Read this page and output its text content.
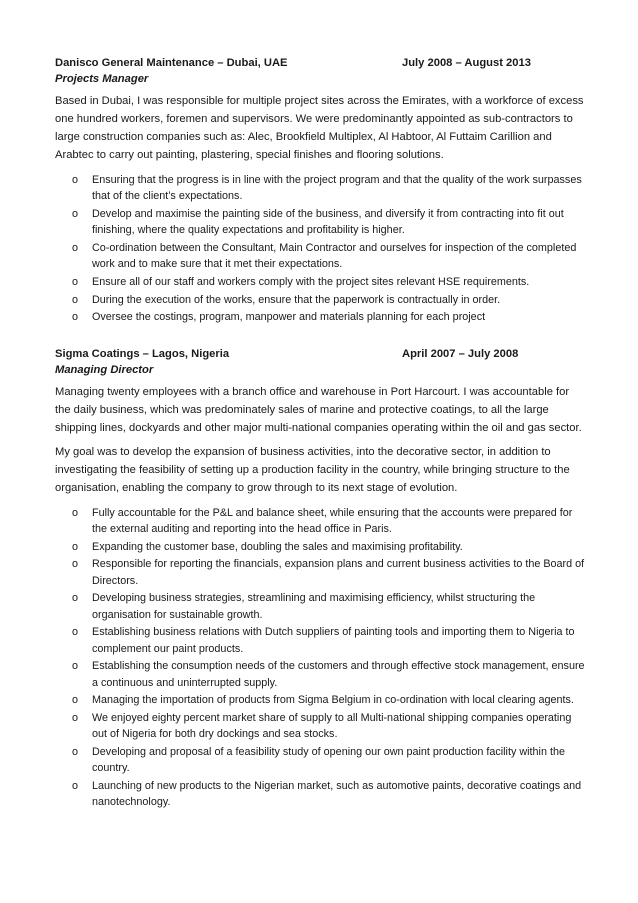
Danisco General Maintenance – Dubai, UAE	July 2008 – August 2013
Projects Manager

Based in Dubai, I was responsible for multiple project sites across the Emirates, with a workforce of excess one hundred workers, foremen and supervisors. We were predominantly appointed as sub-contractors to large construction companies such as: Alec, Brookfield Multiplex, Al Habtoor, Al Futtaim Carillion and Arabtec to carry out painting, plastering, special finishes and flooring solutions.

o Ensuring that the progress is in line with the project program and that the quality of the work surpasses that of the client’s expectations.
o Develop and maximise the painting side of the business, and diversify it from contracting into fit out finishing, where the quality expectations and profitability is higher.
o Co-ordination between the Consultant, Main Contractor and ourselves for inspection of the completed work and to make sure that it met their expectations.
o Ensure all of our staff and workers comply with the project sites relevant HSE requirements.
o During the execution of the works, ensure that the paperwork is contractually in order.
o Oversee the costings, program, manpower and materials planning for each project
Sigma Coatings – Lagos, Nigeria	April 2007 – July 2008
Managing Director

Managing twenty employees with a branch office and warehouse in Port Harcourt. I was accountable for the daily business, which was predominately sales of marine and protective coatings, to all the large shipping lines, dockyards and other major multi-national companies operating within the oil and gas sector.

My goal was to develop the expansion of business activities, into the decorative sector, in addition to investigating the feasibility of setting up a production facility in the country, while bringing structure to the organisation, enabling the company to grow through to its next stage of evolution.

o Fully accountable for the P&L and balance sheet, while ensuring that the accounts were prepared for the external auditing and reporting into the head office in Paris.
o Expanding the customer base, doubling the sales and maximising profitability.
o Responsible for reporting the financials, expansion plans and current business activities to the Board of Directors.
o Developing business strategies, streamlining and maximising efficiency, whilst structuring the organisation for sustainable growth.
o Establishing business relations with Dutch suppliers of painting tools and importing them to Nigeria to complement our paint products.
o Establishing the consumption needs of the customers and through effective stock management, ensure a continuous and uninterrupted supply.
o Managing the importation of products from Sigma Belgium in co-ordination with local clearing agents.
o We enjoyed eighty percent market share of supply to all Multi-national shipping companies operating out of Nigeria for both dry dockings and sea stocks.
o Developing and proposal of a feasibility study of opening our own paint production facility within the country.
o Launching of new products to the Nigerian market, such as automotive paints, decorative coatings and nanotechnology.
